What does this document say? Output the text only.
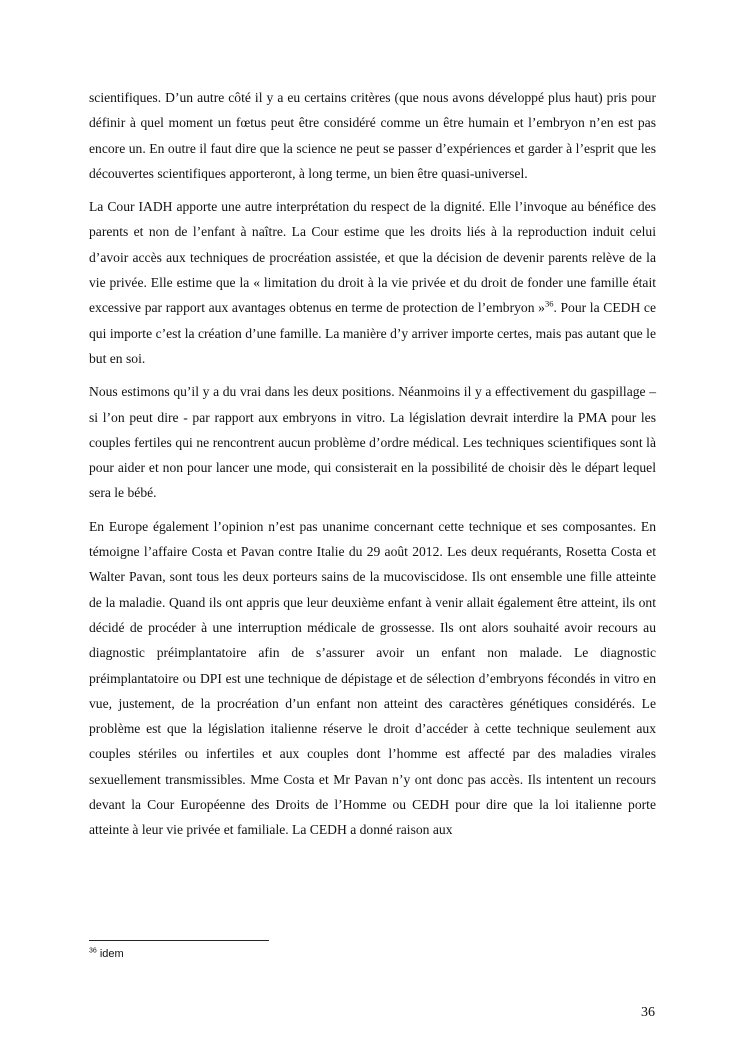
scientifiques. D’un autre côté il y a eu certains critères (que nous avons développé plus haut) pris pour définir à quel moment un fœtus peut être considéré comme un être humain et l’embryon n’en est pas encore un. En outre il faut dire que la science ne peut se passer d’expériences et garder à l’esprit que les découvertes scientifiques apporteront, à long terme, un bien être quasi-universel.

La Cour IADH apporte une autre interprétation du respect de la dignité. Elle l’invoque au bénéfice des parents et non de l’enfant à naître. La Cour estime que les droits liés à la reproduction induit celui d’avoir accès aux techniques de procréation assistée, et que la décision de devenir parents relève de la vie privée. Elle estime que la « limitation du droit à la vie privée et du droit de fonder une famille était excessive par rapport aux avantages obtenus en terme de protection de l’embryon »$^{36}$. Pour la CEDH ce qui importe c’est la création d’une famille. La manière d’y arriver importe certes, mais pas autant que le but en soi.

Nous estimons qu’il y a du vrai dans les deux positions. Néanmoins il y a effectivement du gaspillage – si l’on peut dire - par rapport aux embryons in vitro. La législation devrait interdire la PMA pour les couples fertiles qui ne rencontrent aucun problème d’ordre médical. Les techniques scientifiques sont là pour aider et non pour lancer une mode, qui consisterait en la possibilité de choisir dès le départ lequel sera le bébé.

En Europe également l’opinion n’est pas unanime concernant cette technique et ses composantes. En témoigne l’affaire Costa et Pavan contre Italie du 29 août 2012. Les deux requérants, Rosetta Costa et Walter Pavan, sont tous les deux porteurs sains de la mucoviscidose. Ils ont ensemble une fille atteinte de la maladie. Quand ils ont appris que leur deuxième enfant à venir allait également être atteint, ils ont décidé de procéder à une interruption médicale de grossesse. Ils ont alors souhaité avoir recours au diagnostic préimplantatoire afin de s’assurer avoir un enfant non malade. Le diagnostic préimplantatoire ou DPI est une technique de dépistage et de sélection d’embryons fécondés in vitro en vue, justement, de la procréation d’un enfant non atteint des caractères génétiques considérés. Le problème est que la législation italienne réserve le droit d’accéder à cette technique seulement aux couples stériles ou infertiles et aux couples dont l’homme est affecté par des maladies virales sexuellement transmissibles. Mme Costa et Mr Pavan n’y ont donc pas accès. Ils intentent un recours devant la Cour Européenne des Droits de l’Homme ou CEDH pour dire que la loi italienne porte atteinte à leur vie privée et familiale. La CEDH a donné raison aux

$^{36}$ idem
36
